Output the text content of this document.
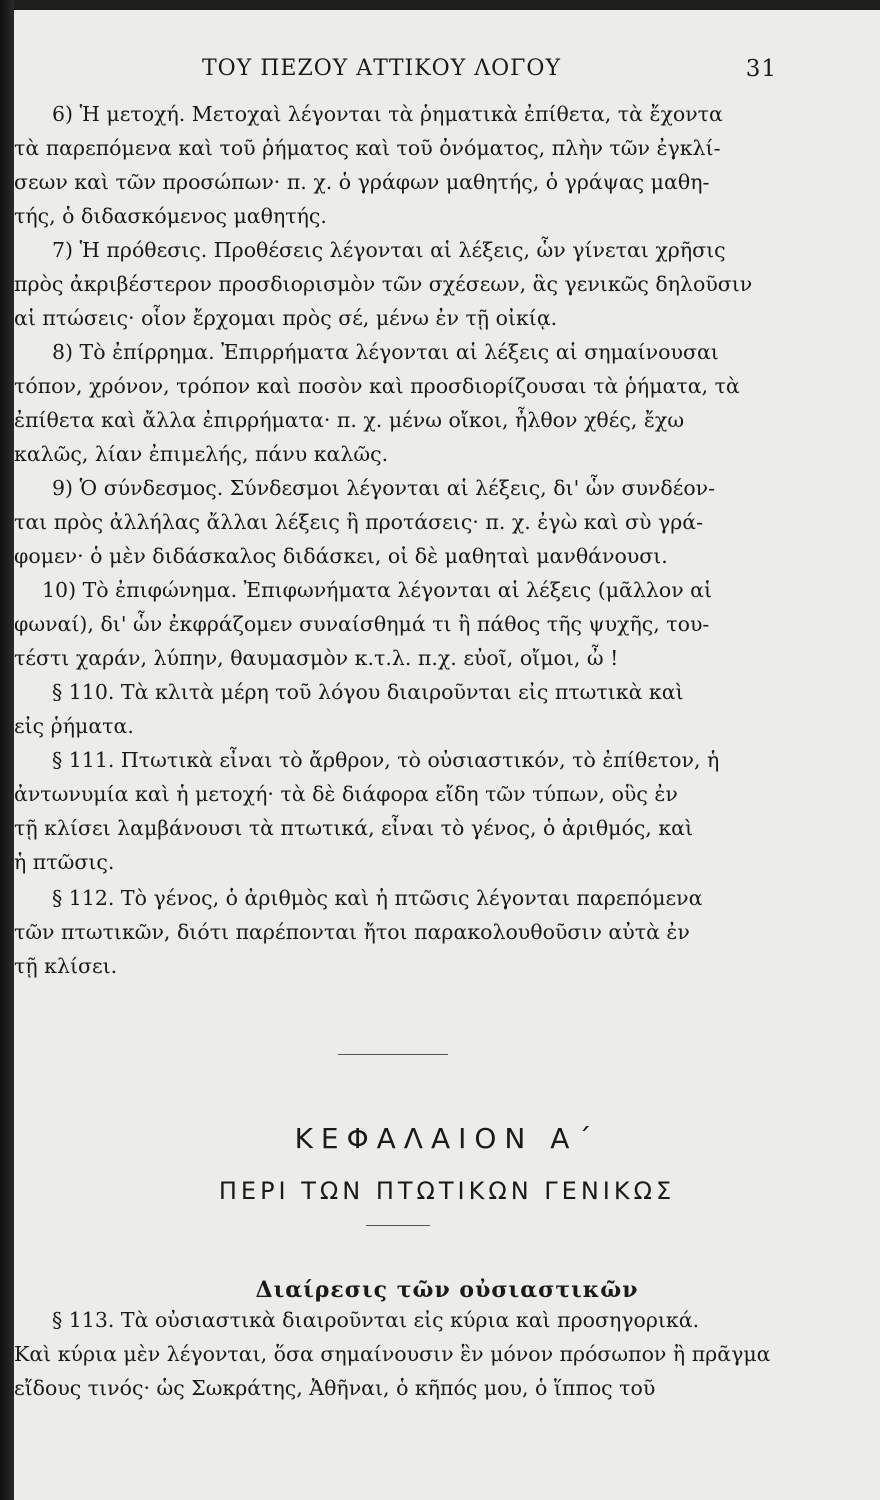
ΤΟΥ ΠΕΖΟΥ ΑΤΤΙΚΟΥ ΛΟΓΟΥ	31
6) Ἡ μετοχή. Μετοχαὶ λέγονται τὰ ῥηματικὰ ἐπίθετα, τὰ ἔχοντα
τὰ παρεπόμενα καὶ τοῦ ῥήματος καὶ τοῦ ὀνόματος, πλὴν τῶν ἐγκλί-
σεων καὶ τῶν προσώπων· π. χ. ὁ γράφων μαθητής, ὁ γράψας μαθη-
τής, ὁ διδασκόμενος μαθητής.
7) Ἡ πρόθεσις. Προθέσεις λέγονται αἱ λέξεις, ὧν γίνεται χρῆσις
πρὸς ἀκριβέστερον προσδιορισμὸν τῶν σχέσεων, ἃς γενικῶς δηλοῦσιν
αἱ πτώσεις· οἷον ἔρχομαι πρὸς σέ, μένω ἐν τῇ οἰκίᾳ.
8) Τὸ ἐπίρρημα. Ἐπιρρήματα λέγονται αἱ λέξεις αἱ σημαίνουσαι
τόπον, χρόνον, τρόπον καὶ ποσὸν καὶ προσδιορίζουσαι τὰ ῥήματα, τὰ
ἐπίθετα καὶ ἄλλα ἐπιρρήματα· π. χ. μένω οἴκοι, ἦλθον χθές, ἔχω
καλῶς, λίαν ἐπιμελής, πάνυ καλῶς.
9) Ὁ σύνδεσμος. Σύνδεσμοι λέγονται αἱ λέξεις, δι' ὧν συνδέον-
ται πρὸς ἀλλήλας ἄλλαι λέξεις ἢ προτάσεις· π. χ. ἐγὼ καὶ σὺ γρά-
φομεν· ὁ μὲν διδάσκαλος διδάσκει, οἱ δὲ μαθηταὶ μανθάνουσι.
10) Τὸ ἐπιφώνημα. Ἐπιφωνήματα λέγονται αἱ λέξεις (μᾶλλον αἱ
φωναί), δι' ὧν ἐκφράζομεν συναίσθημά τι ἢ πάθος τῆς ψυχῆς, του-
τέστι χαράν, λύπην, θαυμασμὸν κ.τ.λ. π.χ. εὐοῖ, οἴμοι, ὦ !
§ 110. Τὰ κλιτὰ μέρη τοῦ λόγου διαιροῦνται εἰς πτωτικὰ καὶ
εἰς ῥήματα.
§ 111. Πτωτικὰ εἶναι τὸ ἄρθρον, τὸ οὐσιαστικόν, τὸ ἐπίθετον, ἡ
ἀντωνυμία καὶ ἡ μετοχή· τὰ δὲ διάφορα εἴδη τῶν τύπων, οὓς ἐν
τῇ κλίσει λαμβάνουσι τὰ πτωτικά, εἶναι τὸ γένος, ὁ ἀριθμός, καὶ
ἡ πτῶσις.
§ 112. Τὸ γένος, ὁ ἀριθμὸς καὶ ἡ πτῶσις λέγονται παρεπόμενα
τῶν πτωτικῶν, διότι παρέπονται ἤτοι παρακολουθοῦσιν αὐτὰ ἐν
τῇ κλίσει.
§ 113. Τὰ οὐσιαστικὰ διαιροῦνται εἰς κύρια καὶ προσηγορικά.
Καὶ κύρια μὲν λέγονται, ὅσα σημαίνουσιν ἓν μόνον πρόσωπον ἢ πρᾶγμα
εἴδους τινός· ὡς Σωκράτης, Ἀθῆναι, ὁ κῆπός μου, ὁ ἵππος τοῦ
ΚΕΦΑΛΑΙΟΝ Α΄
ΠΕΡΙ ΤΩΝ ΠΤΩΤΙΚΩΝ ΓΕΝΙΚΩΣ
Διαίρεσις τῶν οὐσιαστικῶν
